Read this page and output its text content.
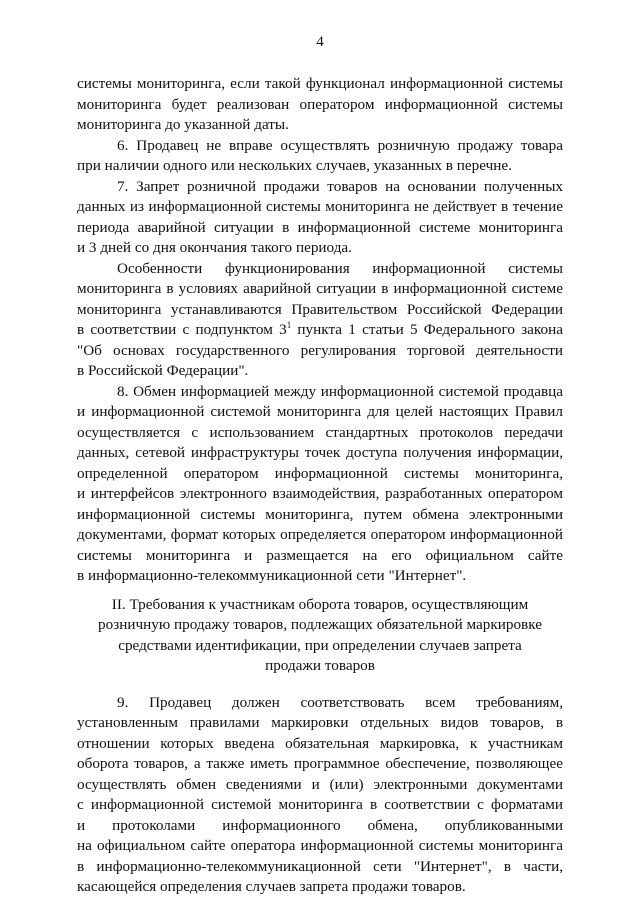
4
системы мониторинга, если такой функционал информационной системы
мониторинга будет реализован оператором информационной системы
мониторинга до указанной даты.
6. Продавец не вправе осуществлять розничную продажу товара
при наличии одного или нескольких случаев, указанных в перечне.
7. Запрет розничной продажи товаров на основании полученных
данных из информационной системы мониторинга не действует в течение
периода аварийной ситуации в информационной системе мониторинга
и 3 дней со дня окончания такого периода.
Особенности функционирования информационной системы
мониторинга в условиях аварийной ситуации в информационной системе
мониторинга устанавливаются Правительством Российской Федерации
в соответствии с подпунктом $3^1$ пункта 1 статьи 5 Федерального закона
"Об основах государственного регулирования торговой деятельности
в Российской Федерации".
8. Обмен информацией между информационной системой продавца
и информационной системой мониторинга для целей настоящих Правил
осуществляется с использованием стандартных протоколов передачи
данных, сетевой инфраструктуры точек доступа получения информации,
определенной оператором информационной системы мониторинга,
и интерфейсов электронного взаимодействия, разработанных оператором
информационной системы мониторинга, путем обмена электронными
документами, формат которых определяется оператором информационной
системы мониторинга и размещается на его официальном сайте
в информационно-телекоммуникационной сети "Интернет".
II. Требования к участникам оборота товаров, осуществляющим
розничную продажу товаров, подлежащих обязательной маркировке
средствами идентификации, при определении случаев запрета
продажи товаров
9. Продавец должен соответствовать всем требованиям,
установленным правилами маркировки отдельных видов товаров, в
отношении которых введена обязательная маркировка, к участникам
оборота товаров, а также иметь программное обеспечение, позволяющее
осуществлять обмен сведениями и (или) электронными документами
с информационной системой мониторинга в соответствии с форматами
и протоколами информационного обмена, опубликованными
на официальном сайте оператора информационной системы мониторинга
в информационно-телекоммуникационной сети "Интернет", в части,
касающейся определения случаев запрета продажи товаров.
